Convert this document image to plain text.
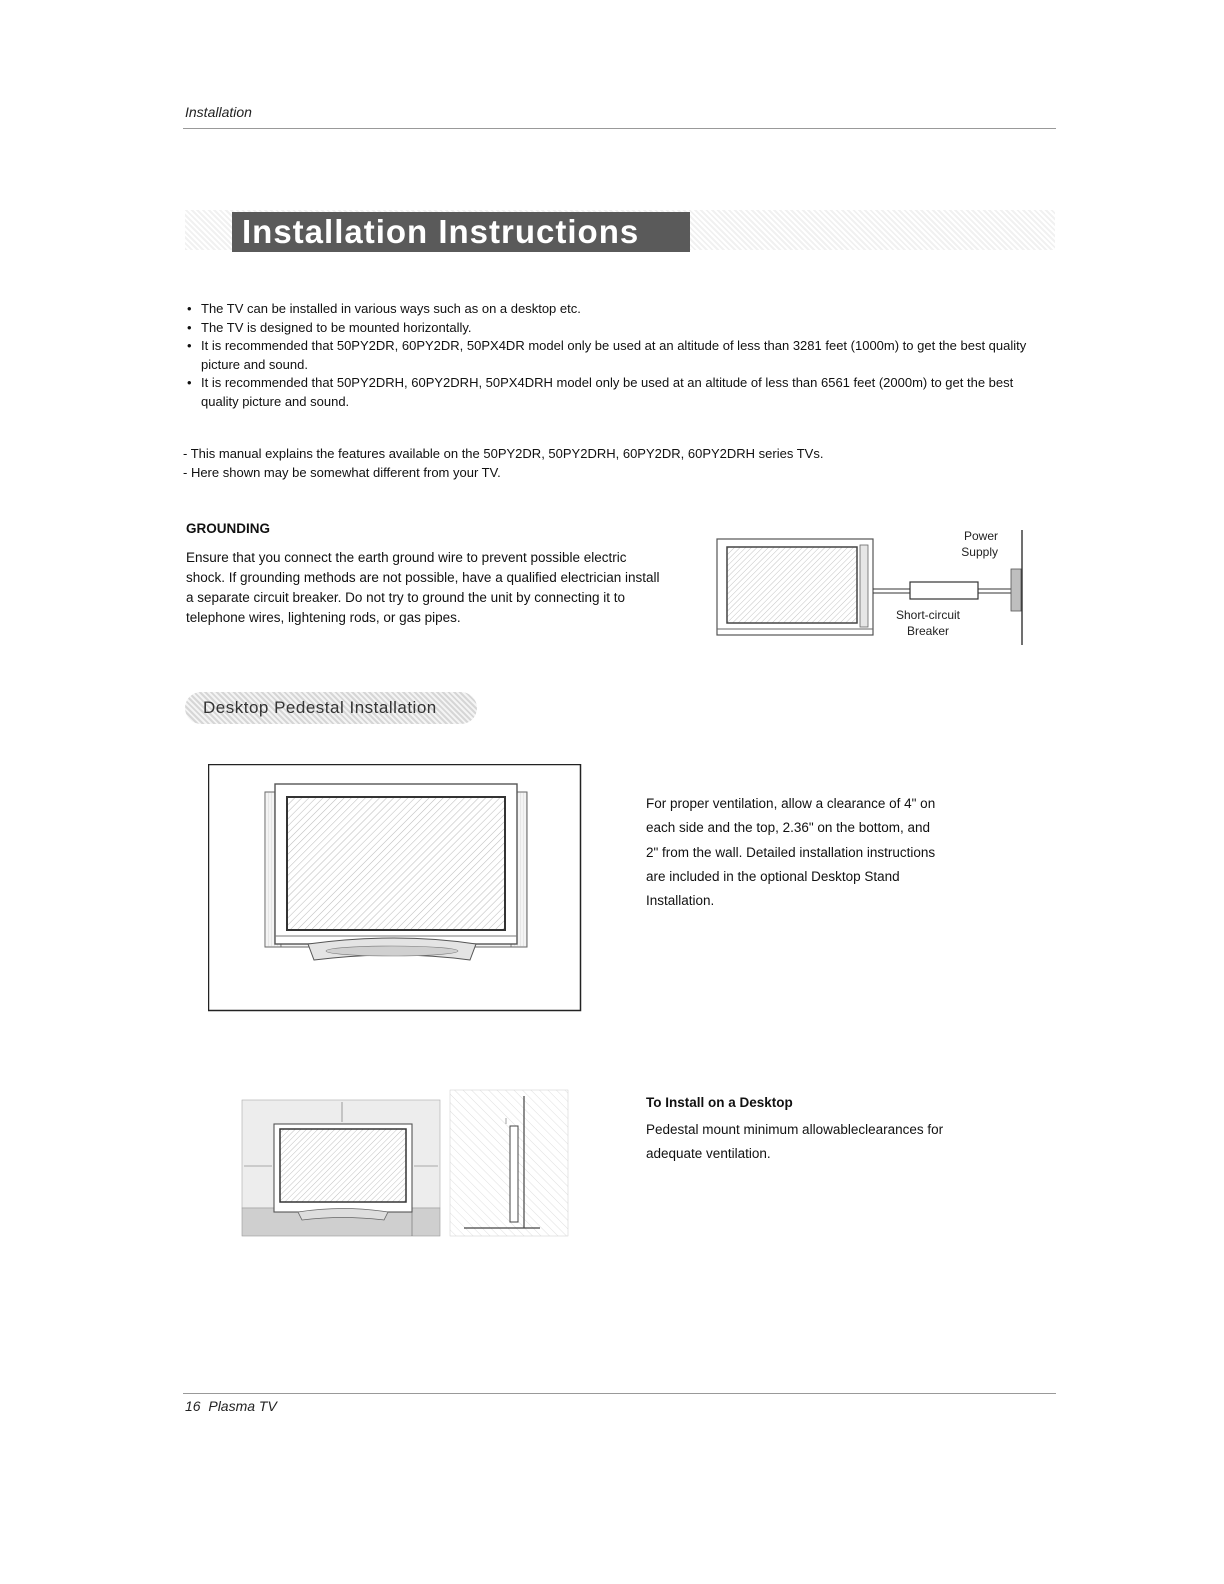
Installation
Installation Instructions
• The TV can be installed in various ways such as on a desktop etc.
• The TV is designed to be mounted horizontally.
• It is recommended that 50PY2DR, 60PY2DR, 50PX4DR model only be used at an altitude of less than 3281 feet (1000m) to get the best quality picture and sound.
• It is recommended that 50PY2DRH, 60PY2DRH, 50PX4DRH model only be used at an altitude of less than 6561 feet (2000m) to get the best quality picture and sound.
- This manual explains the features available on the 50PY2DR, 50PY2DRH, 60PY2DR, 60PY2DRH series TVs.
- Here shown may be somewhat different from your TV.
GROUNDING
Ensure that you connect the earth ground wire to prevent possible electric shock. If grounding methods are not possible, have a qualified electrician install a separate circuit breaker. Do not try to ground the unit by connecting it to telephone wires, lightening rods, or gas pipes.
Power
Supply
Short-circuit
Breaker
Desktop Pedestal Installation
For proper ventilation, allow a clearance of 4" on each side and the top, 2.36" on the bottom, and 2" from the wall. Detailed installation instructions are included in the optional Desktop Stand Installation.
To Install on a Desktop
Pedestal mount minimum allowableclearances for adequate ventilation.
16 Plasma TV
